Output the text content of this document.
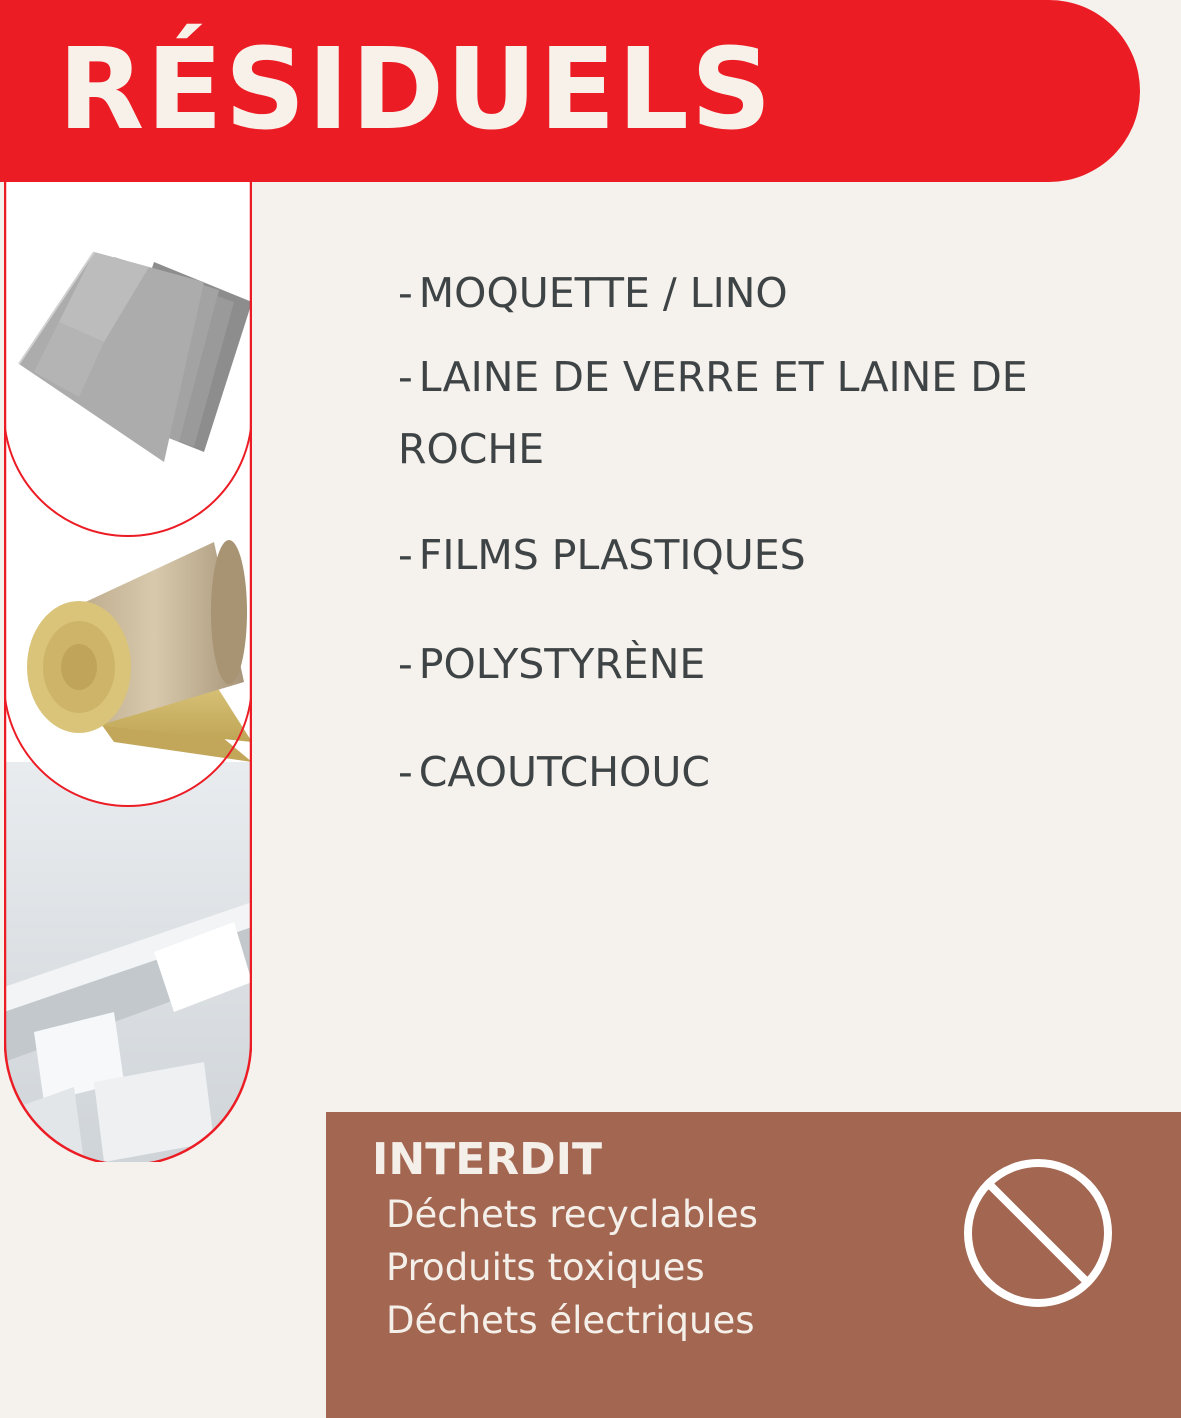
RÉSIDUELS

- MOQUETTE / LINO

- LAINE DE VERRE ET LAINE DE

ROCHE

- FILMS PLASTIQUES

- POLYSTYRÈNE

- CAOUTCHOUC

INTERDIT
Déchets recyclables
Produits toxiques
Déchets électriques
